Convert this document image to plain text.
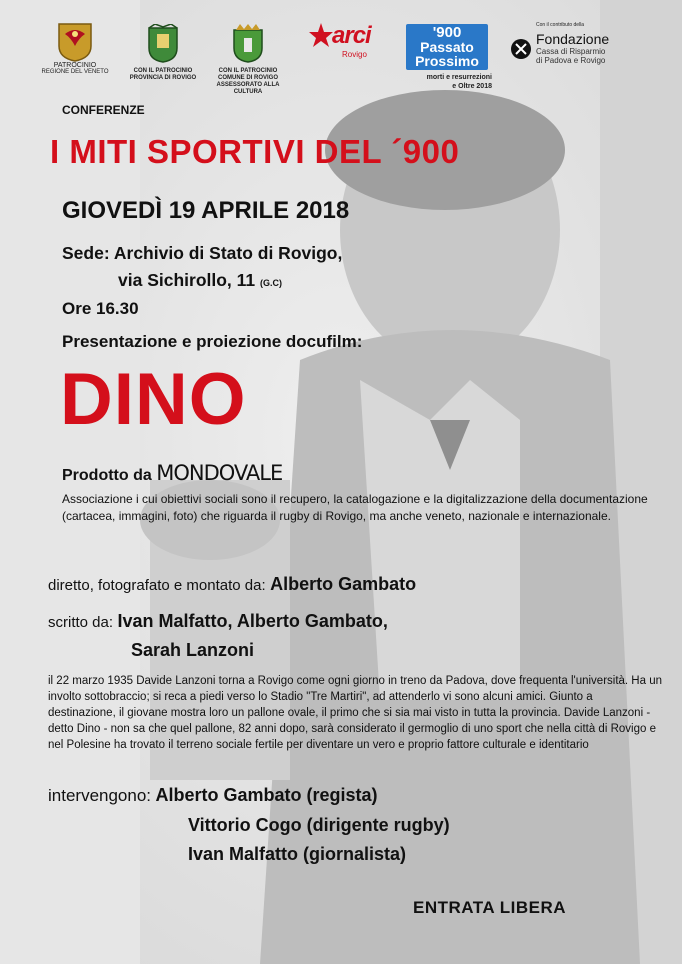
PATROCINIO
REGIONE DEL VENETO	CON IL PATROCINIO
PROVINCIA DI ROVIGO
CON IL PATROCINIO
COMUNE DI ROVIGO
ASSESSORATO ALLA CULTURA
arci
Rovigo
'900
Passato
Prossimo
morti e resurrezioni
e Oltre 2018
Con il contributo della
Fondazione
Cassa di Risparmio
di Padova e Rovigo
CONFERENZE
I MITI SPORTIVI DEL ´900
GIOVEDÌ 19 APRILE 2018
Sede: Archivio di Stato di Rovigo,
via Sichirollo, 11 (G.C)
Ore 16.30
Presentazione e proiezione docufilm:
DINO
Prodotto da MONDOVALE
Associazione i cui obiettivi sociali sono il recupero, la catalogazione e la digitalizzazione della documentazione (cartacea, immagini, foto) che riguarda il rugby di Rovigo, ma anche veneto, nazionale e internazionale.
diretto, fotografato e montato da: Alberto Gambato
scritto da: Ivan Malfatto, Alberto Gambato,
Sarah Lanzoni
il 22 marzo 1935 Davide Lanzoni torna a Rovigo come ogni giorno in treno da Padova, dove frequenta l'università. Ha un involto sottobraccio; si reca a piedi verso lo Stadio "Tre Martiri", ad attenderlo vi sono alcuni amici. Giunto a destinazione, il giovane mostra loro un pallone ovale, il primo che si sia mai visto in tutta la provincia. Davide Lanzoni - detto Dino - non sa che quel pallone, 82 anni dopo, sarà considerato il germoglio di uno sport che nella città di Rovigo e nel Polesine ha trovato il terreno sociale fertile per diventare un vero e proprio fattore culturale e identitario
intervengono: Alberto Gambato (regista)
Vittorio Cogo (dirigente rugby)
Ivan Malfatto (giornalista)
ENTRATA LIBERA
